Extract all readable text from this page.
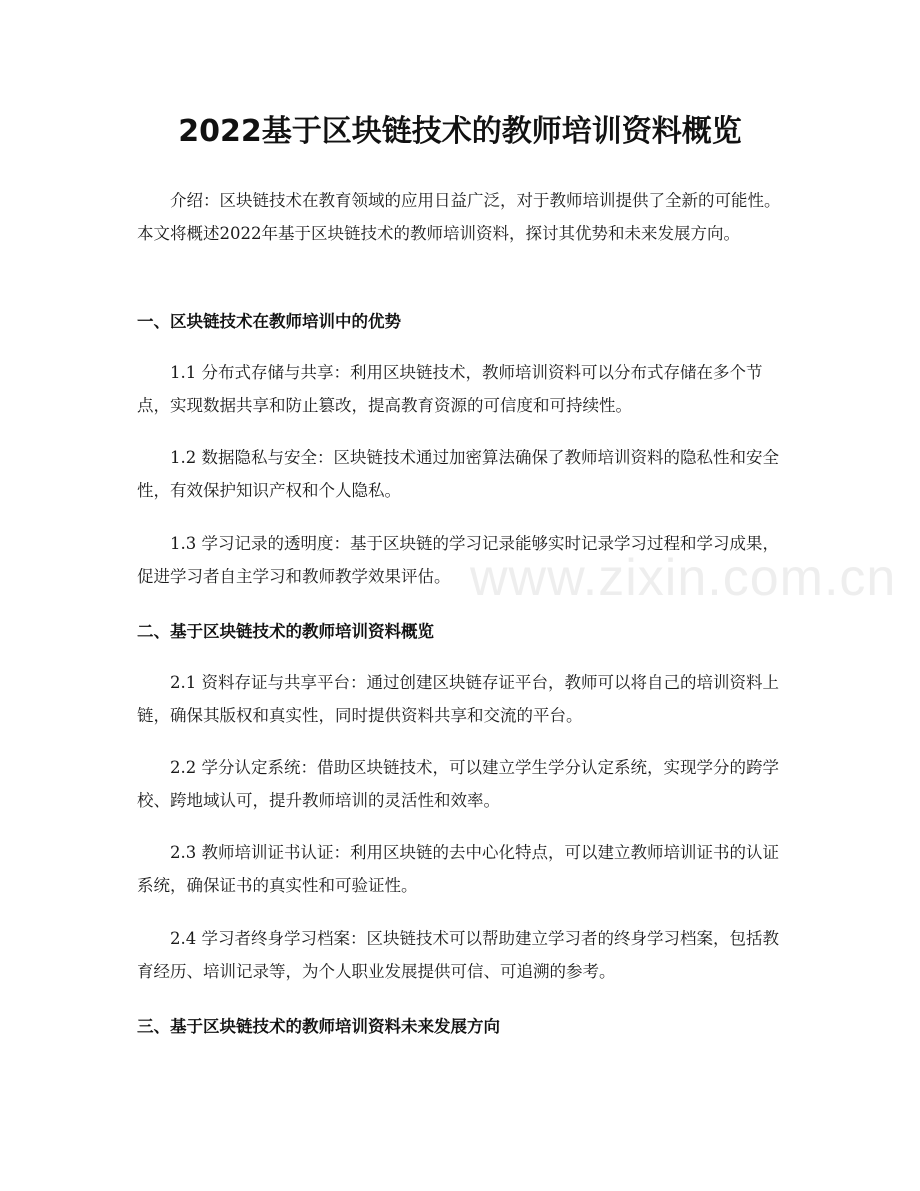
2022基于区块链技术的教师培训资料概览

介绍：区块链技术在教育领域的应用日益广泛，对于教师培训提供了全新的可能性。本文将概述2022年基于区块链技术的教师培训资料，探讨其优势和未来发展方向。

一、区块链技术在教师培训中的优势

1.1 分布式存储与共享：利用区块链技术，教师培训资料可以分布式存储在多个节点，实现数据共享和防止篡改，提高教育资源的可信度和可持续性。

1.2 数据隐私与安全：区块链技术通过加密算法确保了教师培训资料的隐私性和安全性，有效保护知识产权和个人隐私。

1.3 学习记录的透明度：基于区块链的学习记录能够实时记录学习过程和学习成果，促进学习者自主学习和教师教学效果评估。

二、基于区块链技术的教师培训资料概览

2.1 资料存证与共享平台：通过创建区块链存证平台，教师可以将自己的培训资料上链，确保其版权和真实性，同时提供资料共享和交流的平台。

2.2 学分认定系统：借助区块链技术，可以建立学生学分认定系统，实现学分的跨学校、跨地域认可，提升教师培训的灵活性和效率。

2.3 教师培训证书认证：利用区块链的去中心化特点，可以建立教师培训证书的认证系统，确保证书的真实性和可验证性。

2.4 学习者终身学习档案：区块链技术可以帮助建立学习者的终身学习档案，包括教育经历、培训记录等，为个人职业发展提供可信、可追溯的参考。

三、基于区块链技术的教师培训资料未来发展方向
www.zixin.com.cn
